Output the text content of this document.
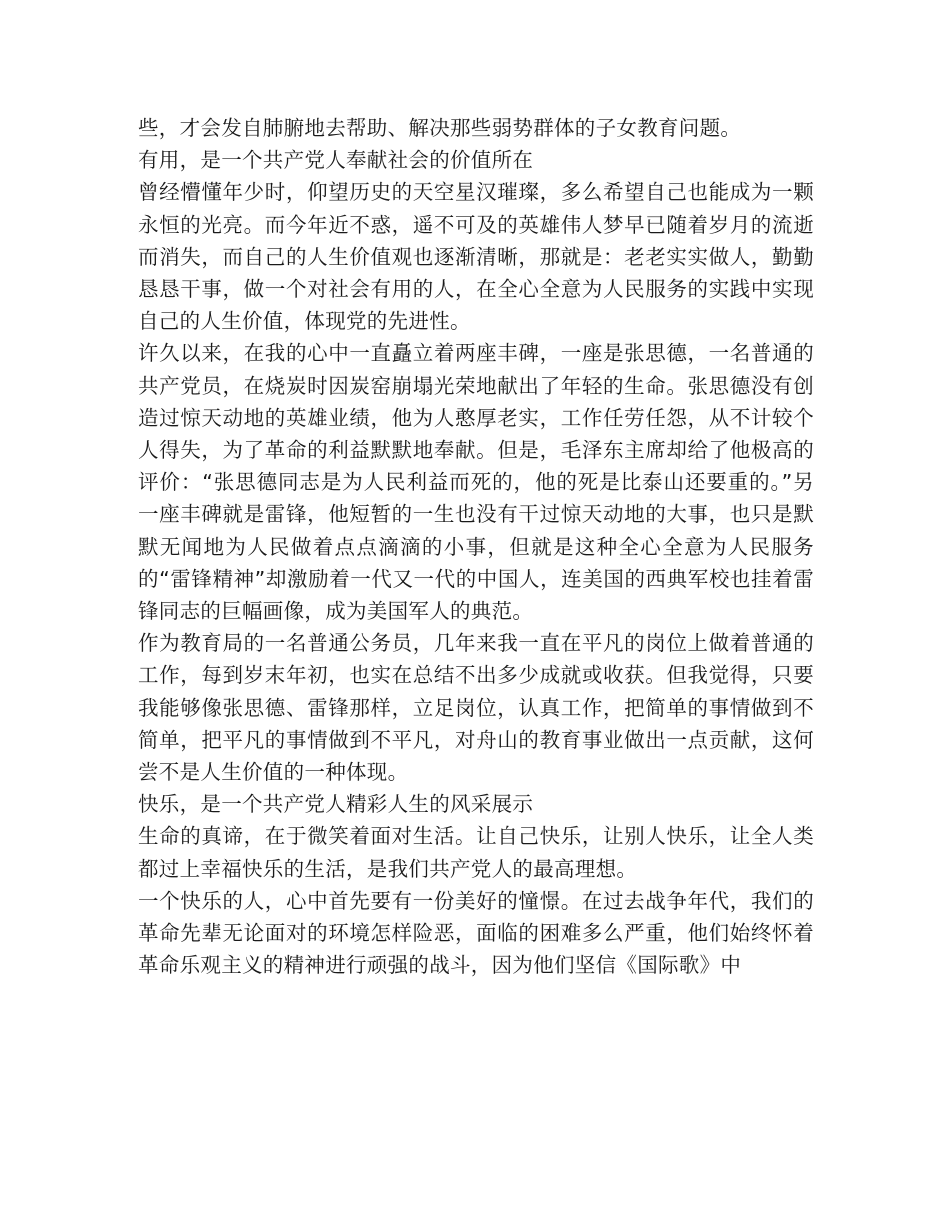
些，才会发自肺腑地去帮助、解决那些弱势群体的子女教育问题。

有用，是一个共产党人奉献社会的价值所在

曾经懵懂年少时，仰望历史的天空星汉璀璨，多么希望自己也能成为一颗永恒的光亮。而今年近不惑，遥不可及的英雄伟人梦早已随着岁月的流逝而消失，而自己的人生价值观也逐渐清晰，那就是：老老实实做人，勤勤恳恳干事，做一个对社会有用的人，在全心全意为人民服务的实践中实现自己的人生价值，体现党的先进性。

许久以来，在我的心中一直矗立着两座丰碑，一座是张思德，一名普通的共产党员，在烧炭时因炭窑崩塌光荣地献出了年轻的生命。张思德没有创造过惊天动地的英雄业绩，他为人憨厚老实，工作任劳任怨，从不计较个人得失，为了革命的利益默默地奉献。但是，毛泽东主席却给了他极高的评价：“张思德同志是为人民利益而死的，他的死是比泰山还要重的。”另一座丰碑就是雷锋，他短暂的一生也没有干过惊天动地的大事，也只是默默无闻地为人民做着点点滴滴的小事，但就是这种全心全意为人民服务的“雷锋精神”却激励着一代又一代的中国人，连美国的西典军校也挂着雷锋同志的巨幅画像，成为美国军人的典范。

作为教育局的一名普通公务员，几年来我一直在平凡的岗位上做着普通的工作，每到岁末年初，也实在总结不出多少成就或收获。但我觉得，只要我能够像张思德、雷锋那样，立足岗位，认真工作，把简单的事情做到不简单，把平凡的事情做到不平凡，对舟山的教育事业做出一点贡献，这何尝不是人生价值的一种体现。

快乐，是一个共产党人精彩人生的风采展示

生命的真谛，在于微笑着面对生活。让自己快乐，让别人快乐，让全人类都过上幸福快乐的生活，是我们共产党人的最高理想。

一个快乐的人，心中首先要有一份美好的憧憬。在过去战争年代，我们的革命先辈无论面对的环境怎样险恶，面临的困难多么严重，他们始终怀着革命乐观主义的精神进行顽强的战斗，因为他们坚信《国际歌》中
